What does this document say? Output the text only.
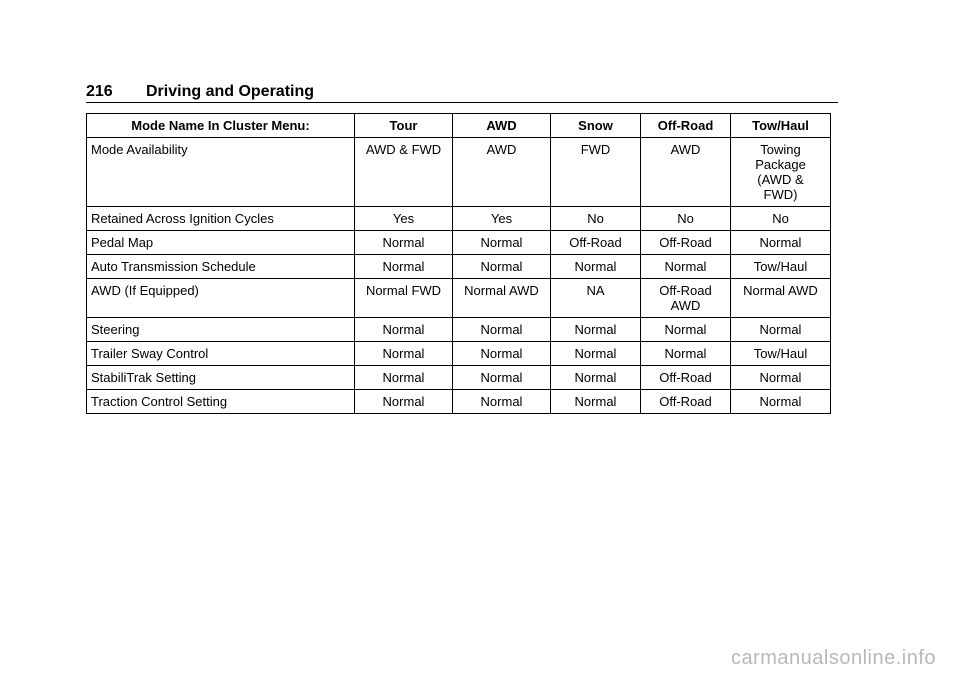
216 Driving and Operating
Mode Name In Cluster Menu:	Tour	AWD	Snow	Off-Road	Tow/Haul
Mode Availability	AWD & FWD	AWD	FWD	AWD	Towing Package (AWD & FWD)
Retained Across Ignition Cycles	Yes	Yes	No	No	No
Pedal Map	Normal	Normal	Off-Road	Off-Road	Normal
Auto Transmission Schedule	Normal	Normal	Normal	Normal	Tow/Haul
AWD (If Equipped)	Normal FWD	Normal AWD	NA	Off-Road AWD	Normal AWD
Steering	Normal	Normal	Normal	Normal	Normal
Trailer Sway Control	Normal	Normal	Normal	Normal	Tow/Haul
StabiliTrak Setting	Normal	Normal	Normal	Off-Road	Normal
Traction Control Setting	Normal	Normal	Normal	Off-Road	Normal
carmanualsonline.info
